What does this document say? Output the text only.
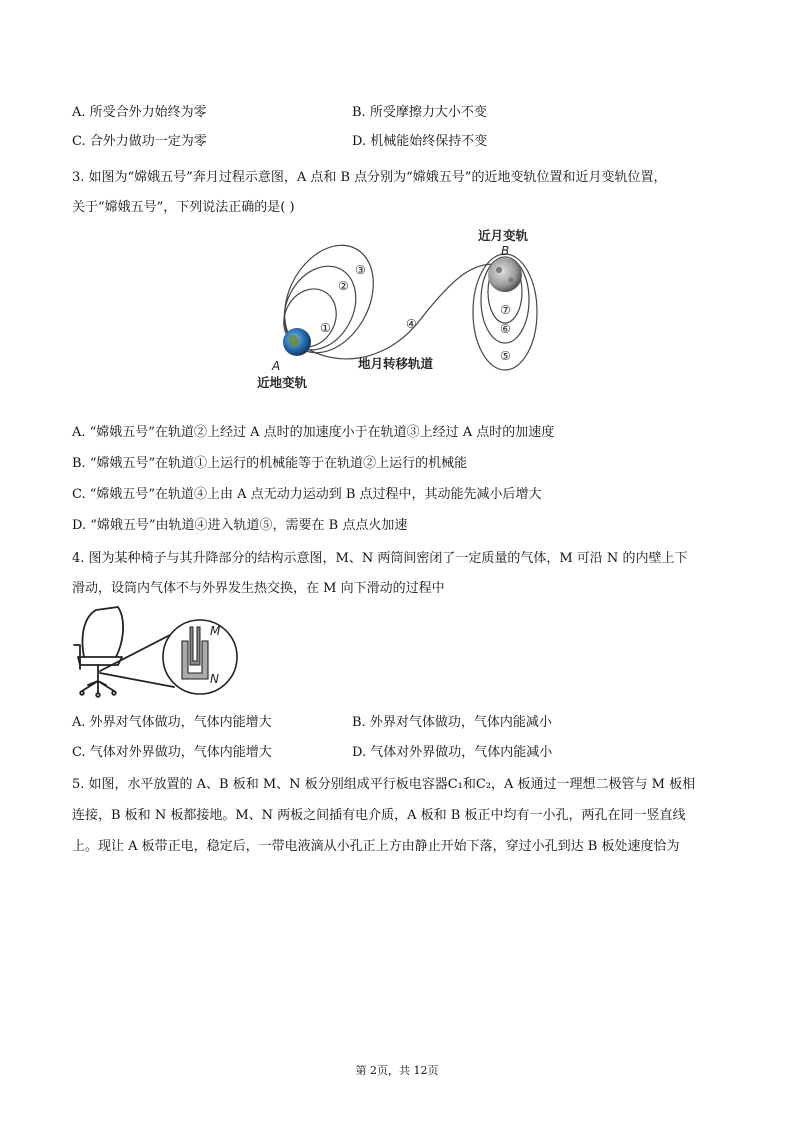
A. 所受合外力始终为零	B. 所受摩擦力大小不变
C. 合外力做功一定为零	D. 机械能始终保持不变
3. 如图为“嫦娥五号”奔月过程示意图，A 点和 B 点分别为“嫦娥五号”的近地变轨位置和近月变轨位置，
关于“嫦娥五号”，下列说法正确的是( )
近月变轨
B
A
近地变轨
地月转移轨道
①
②
③
④
⑤
⑥
⑦
A. “嫦娥五号”在轨道②上经过 A 点时的加速度小于在轨道③上经过 A 点时的加速度
B. “嫦娥五号”在轨道①上运行的机械能等于在轨道②上运行的机械能
C. “嫦娥五号”在轨道④上由 A 点无动力运动到 B 点过程中，其动能先减小后增大
D. “嫦娥五号”由轨道④进入轨道⑤，需要在 B 点点火加速
4. 图为某种椅子与其升降部分的结构示意图，M、N 两筒间密闭了一定质量的气体，M 可沿 N 的内壁上下
滑动，设筒内气体不与外界发生热交换，在 M 向下滑动的过程中
M
N
A. 外界对气体做功，气体内能增大	B. 外界对气体做功，气体内能减小
C. 气体对外界做功，气体内能增大	D. 气体对外界做功，气体内能减小
5. 如图，水平放置的 A、B 板和 M、N 板分别组成平行板电容器C₁和C₂，A 板通过一理想二极管与 M 板相
连接，B 板和 N 板都接地。M、N 两板之间插有电介质，A 板和 B 板正中均有一小孔，两孔在同一竖直线
上。现让 A 板带正电，稳定后，一带电液滴从小孔正上方由静止开始下落，穿过小孔到达 B 板处速度恰为
第 2页，共 12页
